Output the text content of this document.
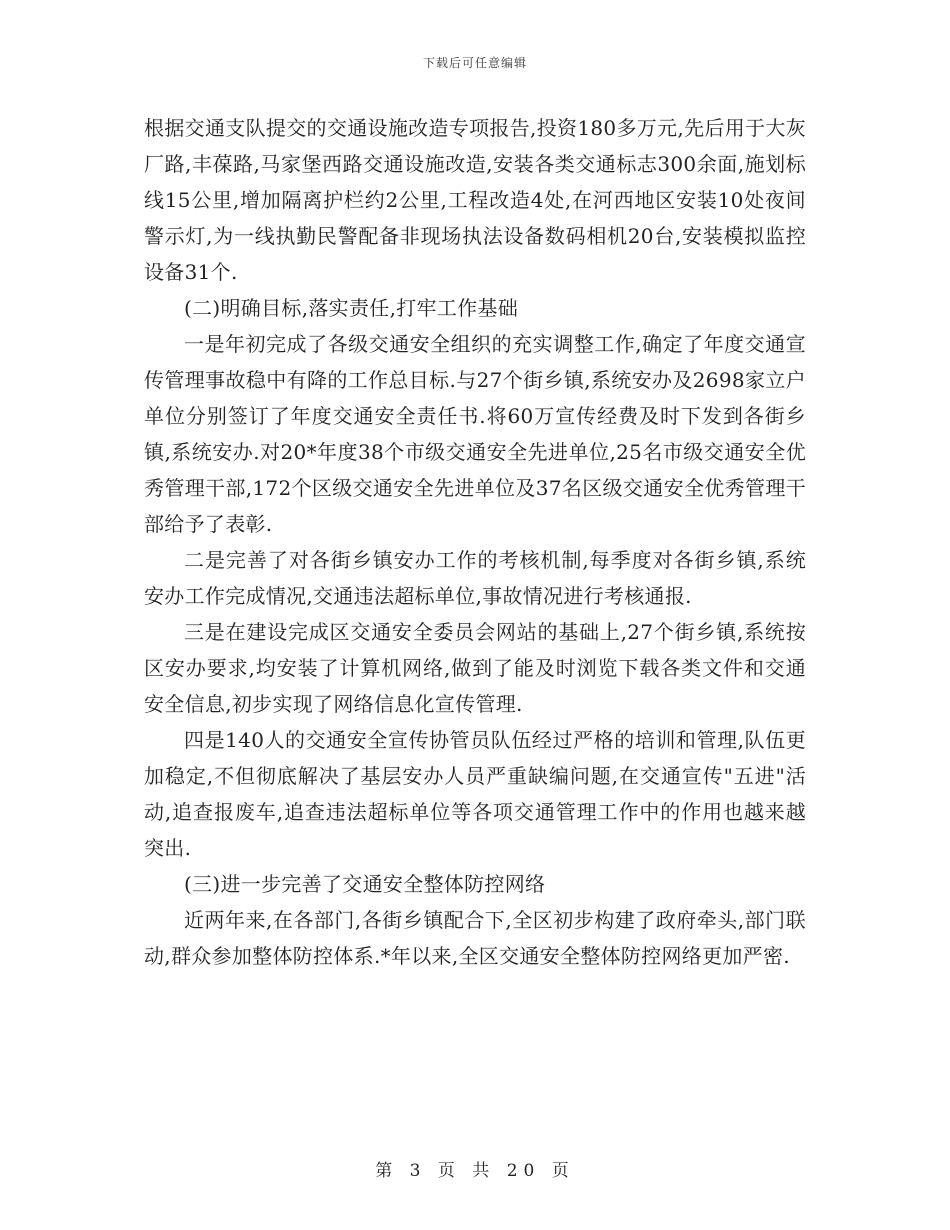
下载后可任意编辑

根据交通支队提交的交通设施改造专项报告,投资180多万元,先后用于大灰厂路,丰葆路,马家堡西路交通设施改造,安装各类交通标志300余面,施划标线15公里,增加隔离护栏约2公里,工程改造4处,在河西地区安装10处夜间警示灯,为一线执勤民警配备非现场执法设备数码相机20台,安装模拟监控设备31个.

(二)明确目标,落实责任,打牢工作基础

一是年初完成了各级交通安全组织的充实调整工作,确定了年度交通宣传管理事故稳中有降的工作总目标.与27个街乡镇,系统安办及2698家立户单位分别签订了年度交通安全责任书.将60万宣传经费及时下发到各街乡镇,系统安办.对20*年度38个市级交通安全先进单位,25名市级交通安全优秀管理干部,172个区级交通安全先进单位及37名区级交通安全优秀管理干部给予了表彰.

二是完善了对各街乡镇安办工作的考核机制,每季度对各街乡镇,系统安办工作完成情况,交通违法超标单位,事故情况进行考核通报.

三是在建设完成区交通安全委员会网站的基础上,27个街乡镇,系统按区安办要求,均安装了计算机网络,做到了能及时浏览下载各类文件和交通安全信息,初步实现了网络信息化宣传管理.

四是140人的交通安全宣传协管员队伍经过严格的培训和管理,队伍更加稳定,不但彻底解决了基层安办人员严重缺编问题,在交通宣传"五进"活动,追查报废车,追查违法超标单位等各项交通管理工作中的作用也越来越突出.

(三)进一步完善了交通安全整体防控网络

近两年来,在各部门,各街乡镇配合下,全区初步构建了政府牵头,部门联动,群众参加整体防控体系.*年以来,全区交通安全整体防控网络更加严密.

第 3 页 共 20 页
